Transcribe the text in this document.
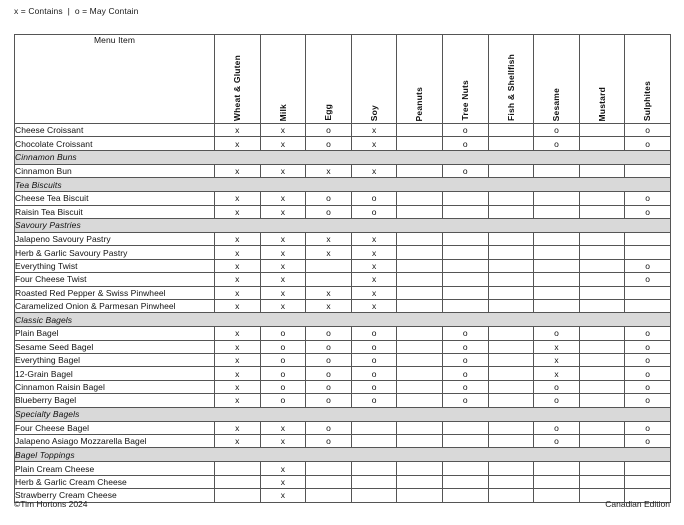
x = Contains  |  o = May Contain
Menu Item	Wheat & Gluten	Milk	Egg	Soy	Peanuts	Tree Nuts	Fish & Shellfish	Sesame	Mustard	Sulphites
Cheese Croissant	x	x	o	x		o		o		o
Chocolate Croissant	x	x	o	x		o		o		o
Cinnamon Buns										
Cinnamon Bun	x	x	x	x		o				
Tea Biscuits										
Cheese Tea Biscuit	x	x	o	o						o
Raisin Tea Biscuit	x	x	o	o						o
Savoury Pastries										
Jalapeno Savoury Pastry	x	x	x	x						
Herb & Garlic Savoury Pastry	x	x	x	x						
Everything Twist	x	x		x						o
Four Cheese Twist	x	x		x						o
Roasted Red Pepper & Swiss Pinwheel	x	x	x	x						
Caramelized Onion & Parmesan Pinwheel	x	x	x	x						
Classic Bagels										
Plain Bagel	x	o	o	o		o		o		o
Sesame Seed Bagel	x	o	o	o		o		x		o
Everything Bagel	x	o	o	o		o		x		o
12-Grain Bagel	x	o	o	o		o		x		o
Cinnamon Raisin Bagel	x	o	o	o		o		o		o
Blueberry Bagel	x	o	o	o		o		o		o
Specialty Bagels										
Four Cheese Bagel	x	x	o					o		o
Jalapeno Asiago Mozzarella Bagel	x	x	o					o		o
Bagel Toppings										
Plain Cream Cheese		x								
Herb & Garlic Cream Cheese		x								
Strawberry Cream Cheese		x								
©Tim Hortons 2024	Canadian Edition
